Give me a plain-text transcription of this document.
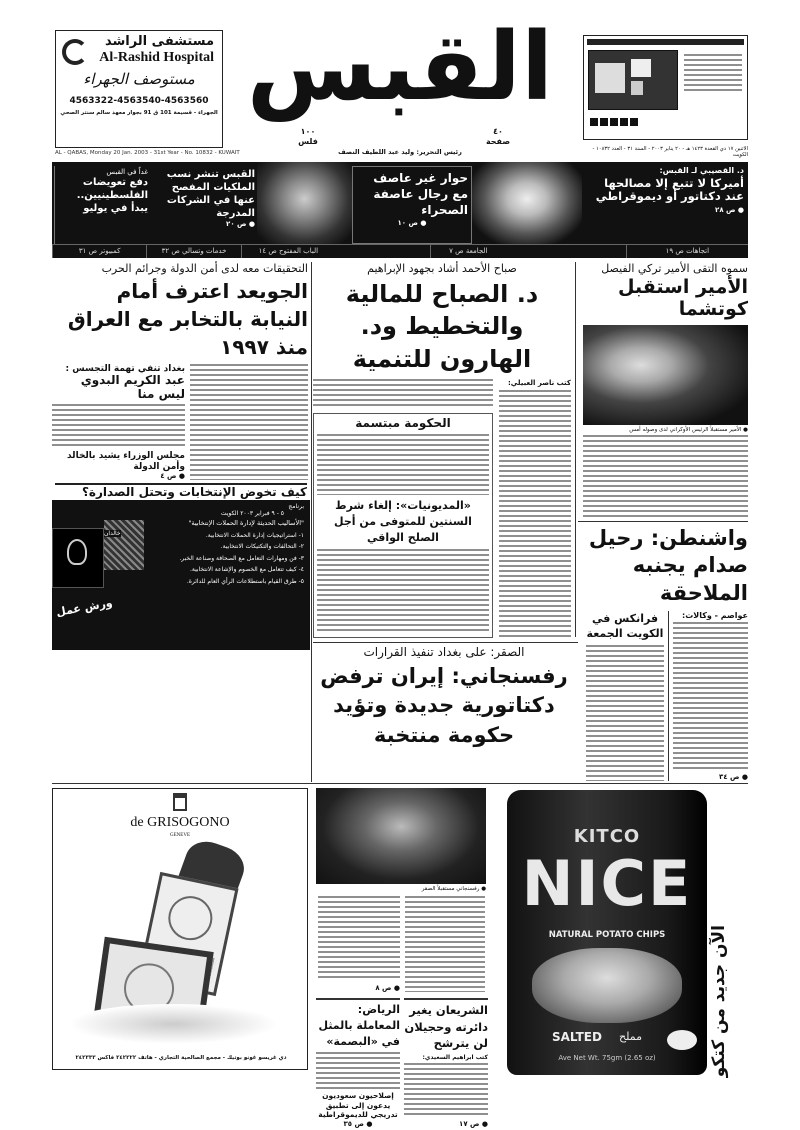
مستشفى الراشد
Al-Rashid Hospital
مستوصف الجهراء
4563322-4563540-4563560
الجهراء - قسيمة 101 ق 91 بجوار معهد سالم سنتر الصحي القبس
١٠٠
فلس
٤٠
صفحة
AL - QABAS, Monday 20 Jan. 2003 - 31st Year - No. 10832 - KUWAIT	رئيس التحرير: وليد عبد اللطيف النصف	الاثنين ١٧ ذي القعدة ١٤٢٣ هـ - ٢٠ يناير ٢٠٠٣ - السنة ٣١ - العدد ١٠٨٣٢ - الكويت
د. القصيبي لـ القبس:
أميركا لا تتبع إلا مصالحها عند دكتاتور أو ديموقراطي
● ص ٢٨
حوار غير عاصف مع رجال عاصفة الصحراء
● ص ١٠
القبس تنشر نسب الملكيات المفصح عنها في الشركات المدرجة
● ص ٢٠
غداً في القبس
دفع تعويضات الفلسطينيين.. يبدأ في يوليو
اتجاهات ص ١٩
الجامعة ص ٧
الباب المفتوح ص ١٤
خدمات وتسالي ص ٣٢
كمبيوتر ص ٣١
سموه التقى الأمير تركي الفيصل
الأمير استقبل كوتشما
● الأمير مستقبلاً الرئيس الأوكراني لدى وصوله أمس
واشنطن: رحيل صدام يجنبه الملاحقة
عواصم - وكالات:
● ص ٣٤
فرانكس في الكويت الجمعة
صباح الأحمد أشاد بجهود الإبراهيم
د. الصباح للمالية والتخطيط ود. الهارون للتنمية
كتب ناصر العبيلي:
الحكومة مبتسمة
«المديونيات»: إلغاء شرط السنتين للمتوفى من أجل الصلح الواقي
التحقيقات معه لدى أمن الدولة وجرائم الحرب
الجويعد اعترف أمام النيابة بالتخابر مع العراق منذ ١٩٩٧
بغداد تنفي تهمة التجسس :
عبد الكريم البدوي ليس منا
مجلس الوزراء يشيد بالخالد وأمن الدولة
● ص ٤
كيف تخوض الإنتخابات وتحتل الصدارة؟
برنامج
٥ - ٩ فبراير ٢٠٠٣ الكويت
"الأساليب الحديثة لإدارة الحملات الإنتخابية"
١- استراتيجيات إدارة الحملات الانتخابية.
٢- التحالفات والتكتيكات الانتخابية.
٣- فن ومهارات التعامل مع الصحافة وصناعة الخبر.
٤- كيف تتعامل مع الخصوم والإشاعة الانتخابية.
٥- طرق القيام باستطلاعات الرأي العام للدائرة.
خالدان
ورش عمل
الصقر: على بغداد تنفيذ القرارات
رفسنجاني: إيران ترفض دكتاتورية جديدة وتؤيد حكومة منتخبة
de GRISOGONO
GENEVE
دي غريسو غونو بوتيك - مجمع الصالحية التجاري - هاتف ٢٤٢٢٢٢ فاكس ٢٤٢٣٣٣
● رفسنجاني مستقبلاً الصقر
● ص ٨
الشريعان يغير دائرته وحجيلان لن يترشح
كتب ابراهيم السعيدي:
● ص ١٧
الرياض: المعاملة بالمثل في «البصمة»
إصلاحيون سعوديون يدعون إلى تطبيق تدريجي للديموقراطية
● ص ٣٥
KITCO
NICE
NATURAL POTATO CHIPS
SALTED مملح
Ave Net Wt. 75gm (2.65 oz)	الآن جديد من كتكو
